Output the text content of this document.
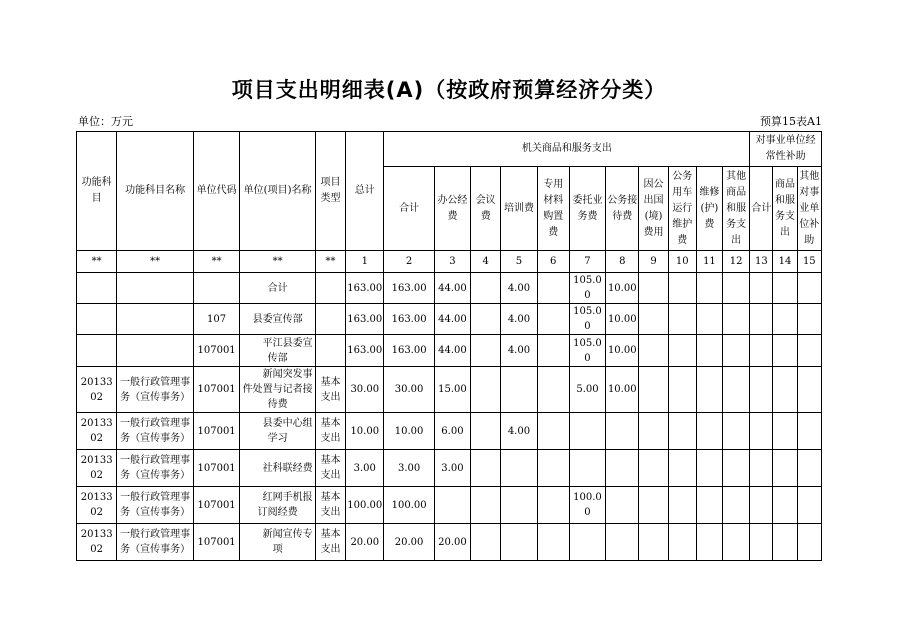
项目支出明细表(A)（按政府预算经济分类）
单位：万元	预算15表A1
功能科目	功能科目名称	单位代码	单位(项目)名称	项目类型	总计	机关商品和服务支出											对事业单位经常性补助		
						合计	办公经费	会议费	培训费	专用材料购置费	委托业务费	公务接待费	因公出国(境)费用	公务用车运行维护费	维修(护)费	其他商品和服务支出	合计	商品和服务支出	其他对事业单位补助
**	**	**	**	**	1	2	3	4	5	6	7	8	9	10	11	12	13	14	15
			合计		163.00	163.00	44.00		4.00		105.00	10.00							
		107	县委宣传部		163.00	163.00	44.00		4.00		105.00	10.00							
		107001	平江县委宣传部		163.00	163.00	44.00		4.00		105.00	10.00							
2013302	一般行政管理事务（宣传事务）	107001	新闻突发事件处置与记者接待费	基本支出	30.00	30.00	15.00				5.00	10.00							
2013302	一般行政管理事务（宣传事务）	107001	县委中心组学习	基本支出	10.00	10.00	6.00		4.00										
2013302	一般行政管理事务（宣传事务）	107001	社科联经费	基本支出	3.00	3.00	3.00												
2013302	一般行政管理事务（宣传事务）	107001	红网手机报订阅经费	基本支出	100.00	100.00					100.00								
2013302	一般行政管理事务（宣传事务）	107001	新闻宣传专项	基本支出	20.00	20.00	20.00												
